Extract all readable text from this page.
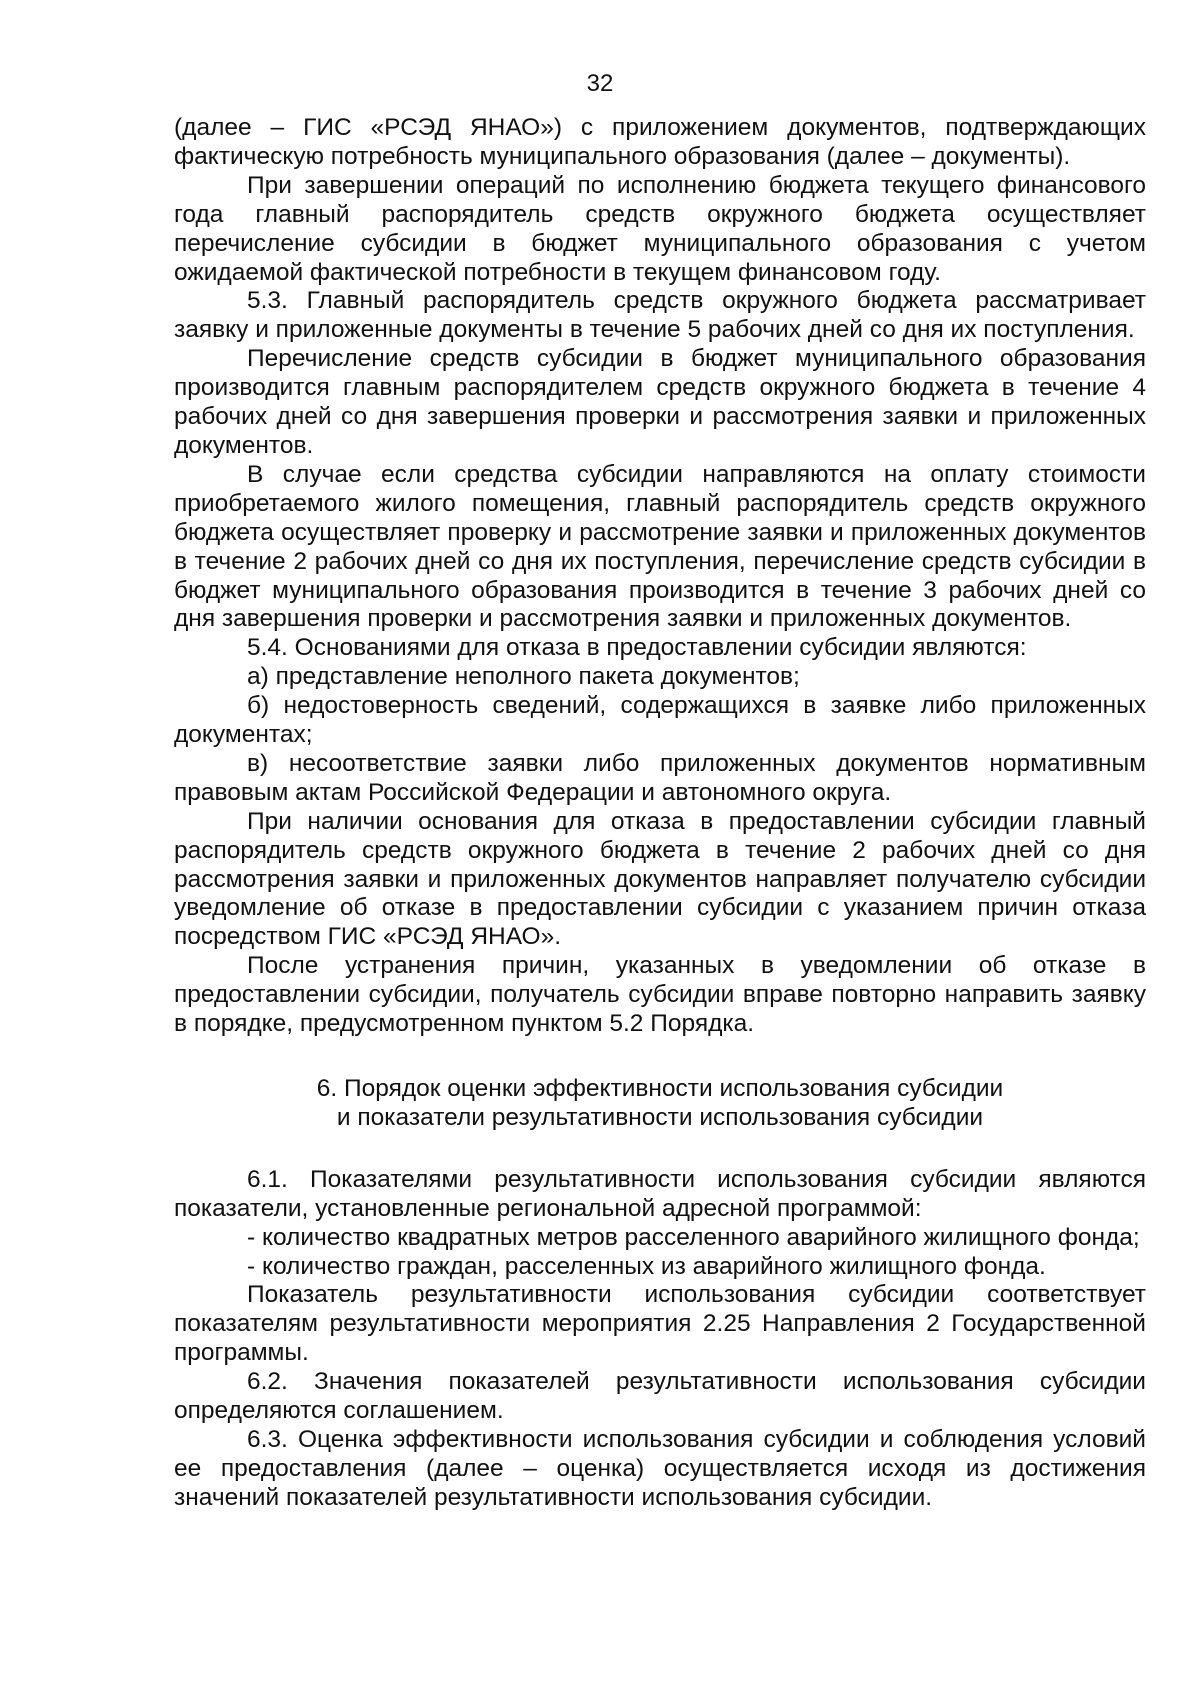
32

(далее – ГИС «РСЭД ЯНАО») с приложением документов, подтверждающих фактическую потребность муниципального образования (далее – документы).

При завершении операций по исполнению бюджета текущего финансового года главный распорядитель средств окружного бюджета осуществляет перечисление субсидии в бюджет муниципального образования с учетом ожидаемой фактической потребности в текущем финансовом году.

5.3. Главный распорядитель средств окружного бюджета рассматривает заявку и приложенные документы в течение 5 рабочих дней со дня их поступления.

Перечисление средств субсидии в бюджет муниципального образования производится главным распорядителем средств окружного бюджета в течение 4 рабочих дней со дня завершения проверки и рассмотрения заявки и приложенных документов.

В случае если средства субсидии направляются на оплату стоимости приобретаемого жилого помещения, главный распорядитель средств окружного бюджета осуществляет проверку и рассмотрение заявки и приложенных документов в течение 2 рабочих дней со дня их поступления, перечисление средств субсидии в бюджет муниципального образования производится в течение 3 рабочих дней со дня завершения проверки и рассмотрения заявки и приложенных документов.

5.4. Основаниями для отказа в предоставлении субсидии являются:

а) представление неполного пакета документов;

б) недостоверность сведений, содержащихся в заявке либо приложенных документах;

в) несоответствие заявки либо приложенных документов нормативным правовым актам Российской Федерации и автономного округа.

При наличии основания для отказа в предоставлении субсидии главный распорядитель средств окружного бюджета в течение 2 рабочих дней со дня рассмотрения заявки и приложенных документов направляет получателю субсидии уведомление об отказе в предоставлении субсидии с указанием причин отказа посредством ГИС «РСЭД ЯНАО».

После устранения причин, указанных в уведомлении об отказе в предоставлении субсидии, получатель субсидии вправе повторно направить заявку в порядке, предусмотренном пунктом 5.2 Порядка.

6. Порядок оценки эффективности использования субсидии
и показатели результативности использования субсидии

6.1. Показателями результативности использования субсидии являются показатели, установленные региональной адресной программой:

- количество квадратных метров расселенного аварийного жилищного фонда;

- количество граждан, расселенных из аварийного жилищного фонда.

Показатель результативности использования субсидии соответствует показателям результативности мероприятия 2.25 Направления 2 Государственной программы.

6.2. Значения показателей результативности использования субсидии определяются соглашением.

6.3. Оценка эффективности использования субсидии и соблюдения условий ее предоставления (далее – оценка) осуществляется исходя из достижения значений показателей результативности использования субсидии.
